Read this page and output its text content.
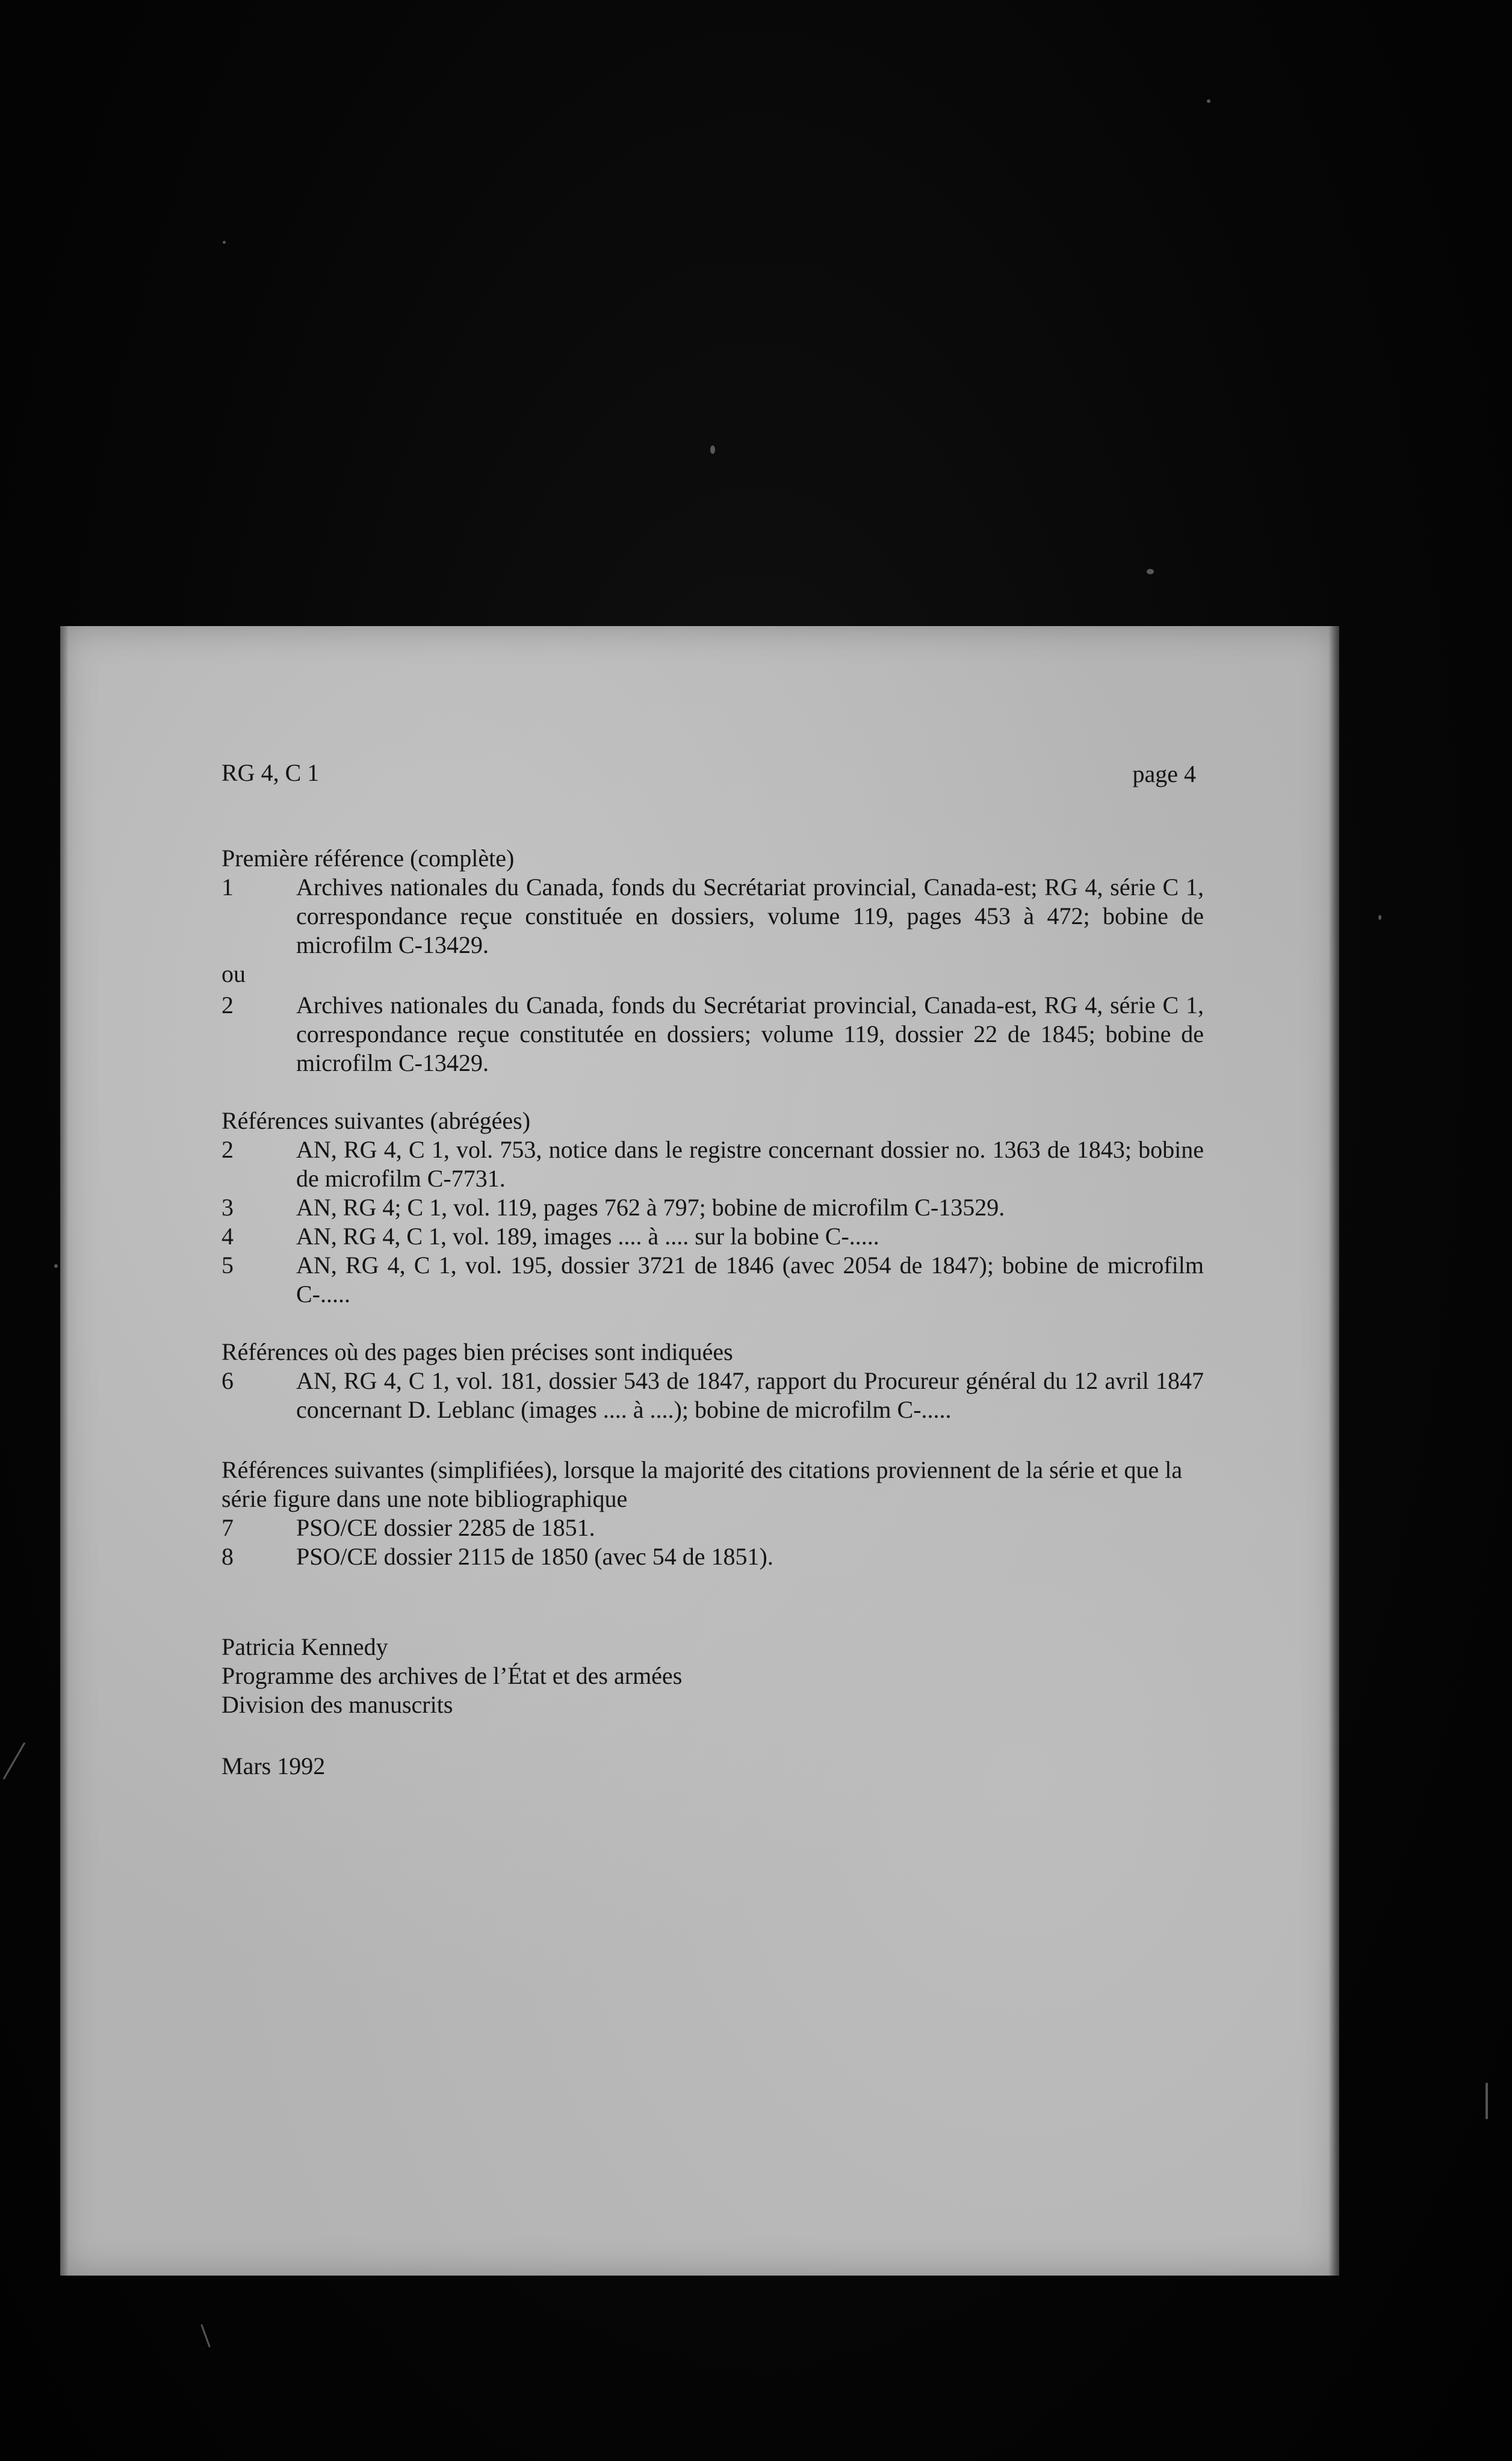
RG 4, C 1	page 4
Première référence (complète)
1	Archives nationales du Canada, fonds du Secrétariat provincial, Canada-est; RG 4, série C 1, correspondance reçue constituée en dossiers, volume 119, pages 453 à 472; bobine de microfilm C-13429.
ou
2	Archives nationales du Canada, fonds du Secrétariat provincial, Canada-est, RG 4, série C 1, correspondance reçue constitutée en dossiers; volume 119, dossier 22 de 1845; bobine de microfilm C-13429.
Références suivantes (abrégées)
2	AN, RG 4, C 1, vol. 753, notice dans le registre concernant dossier no. 1363 de 1843; bobine de microfilm C-7731.
3	AN, RG 4; C 1, vol. 119, pages 762 à 797; bobine de microfilm C-13529.
4	AN, RG 4, C 1, vol. 189, images .... à .... sur la bobine C-.....
5	AN, RG 4, C 1, vol. 195, dossier 3721 de 1846 (avec 2054 de 1847); bobine de microfilm C-.....
Références où des pages bien précises sont indiquées
6	AN, RG 4, C 1, vol. 181, dossier 543 de 1847, rapport du Procureur général du 12 avril 1847 concernant D. Leblanc (images .... à ....); bobine de microfilm C-.....
Références suivantes (simplifiées), lorsque la majorité des citations proviennent de la série et que la série figure dans une note bibliographique
7	PSO/CE dossier 2285 de 1851.
8	PSO/CE dossier 2115 de 1850 (avec 54 de 1851).
Patricia Kennedy
Programme des archives de l’État et des armées
Division des manuscrits
Mars 1992
